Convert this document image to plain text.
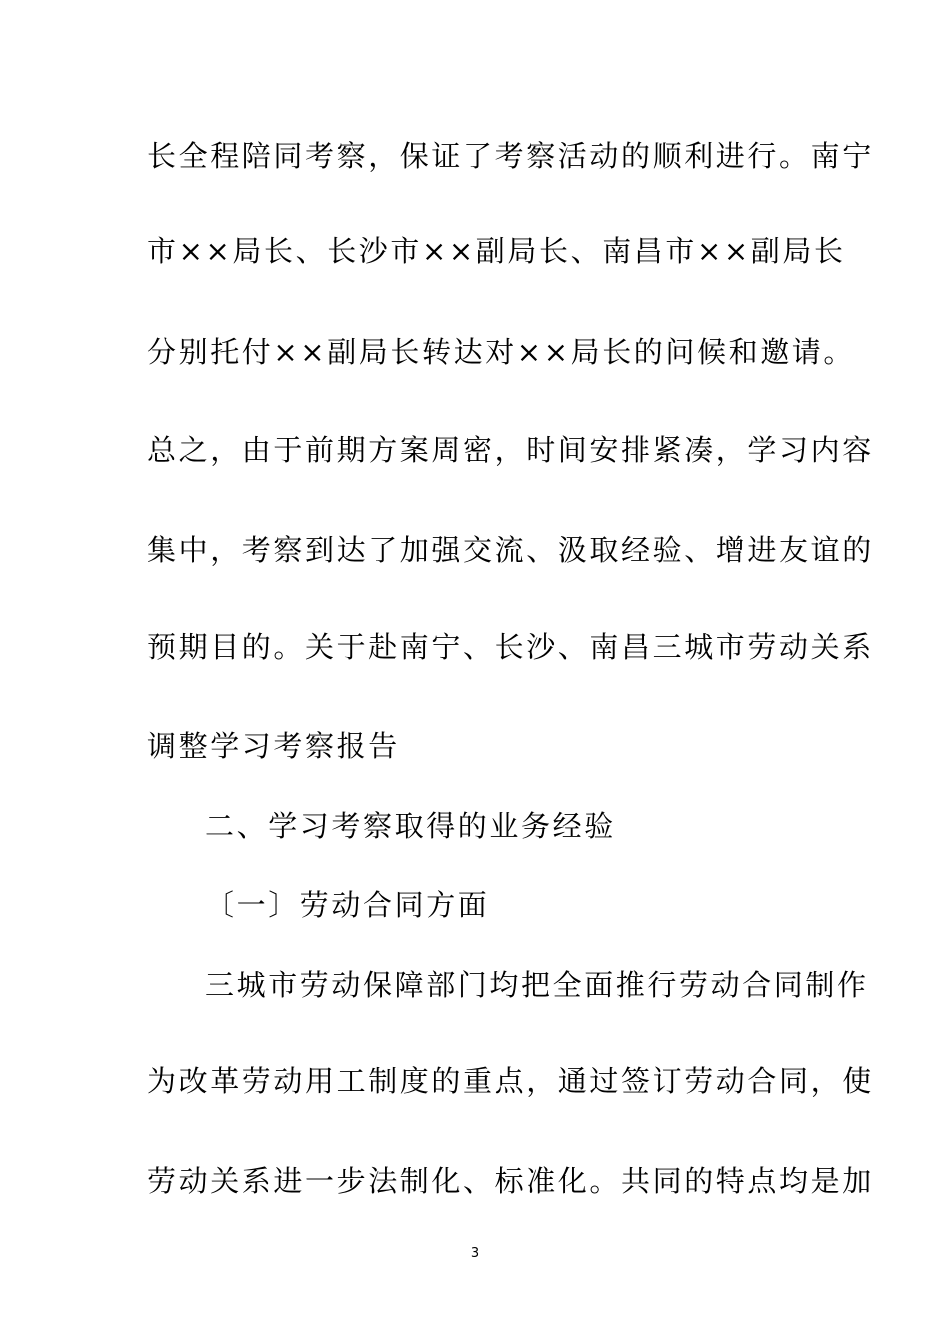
长全程陪同考察，保证了考察活动的顺利进行。南宁
市××局长、长沙市××副局长、南昌市××副局长
分别托付××副局长转达对××局长的问候和邀请。
总之，由于前期方案周密，时间安排紧凑，学习内容
集中，考察到达了加强交流、汲取经验、增进友谊的
预期目的。关于赴南宁、长沙、南昌三城市劳动关系
调整学习考察报告
二、学习考察取得的业务经验
〔一〕劳动合同方面
三城市劳动保障部门均把全面推行劳动合同制作
为改革劳动用工制度的重点，通过签订劳动合同，使
劳动关系进一步法制化、标准化。共同的特点均是加
3
